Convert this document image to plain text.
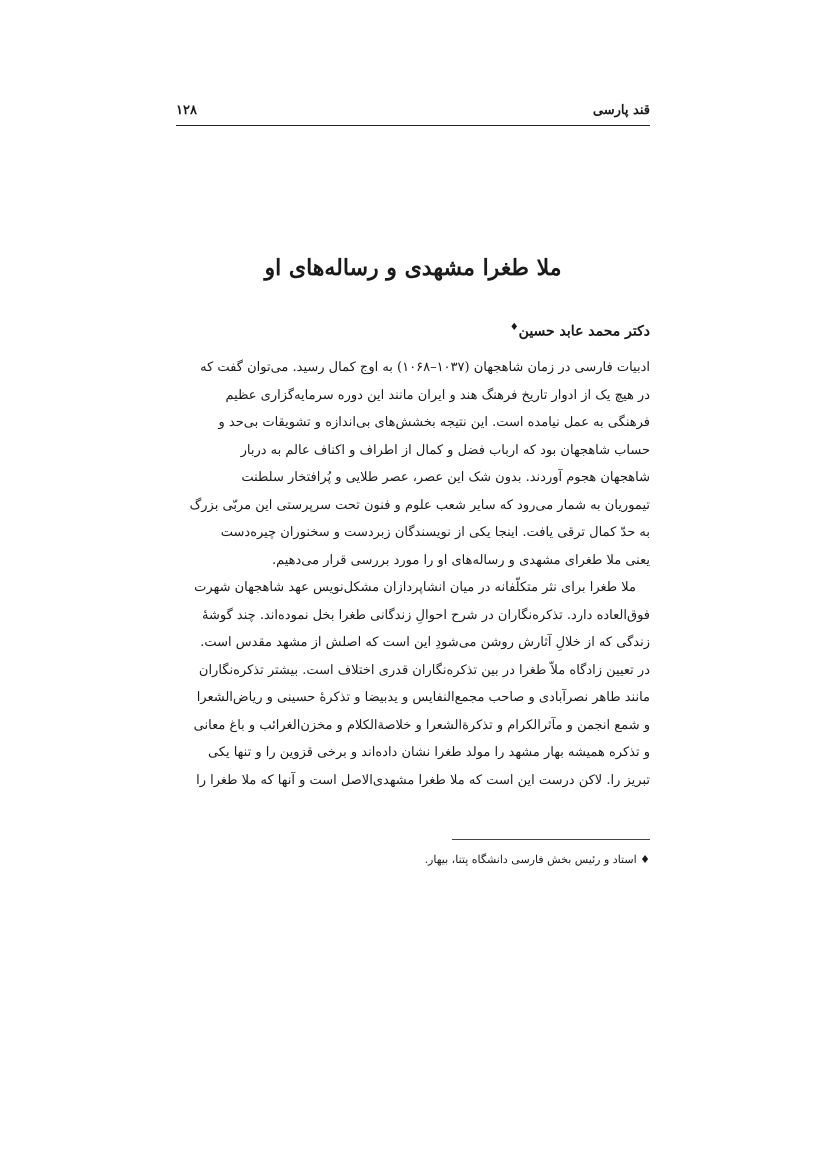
قند پارسی
۱۲۸
ملا طغرا مشهدی و رساله‌های او
دکتر محمد عابد حسین♦
ادبیات فارسی در زمان شاهجهان (۱۰۳۷–۱۰۶۸) به اوج کمال رسید. می‌توان گفت که
در هیچ یک از ادوار تاریخ فرهنگ هند و ایران مانند این دوره سرمایه‌گزاری عظیم
فرهنگی به عمل نیامده است. این نتیجه بخشش‌های بی‌اندازه و تشویقات بی‌حد و
حساب شاهجهان بود که ارباب فضل و کمال از اطراف و اکناف عالم به دربار
شاهجهان هجوم آوردند. بدون شک این عصر، عصر طلایی و پُرافتخار سلطنت
تیموریان به شمار می‌رود که سایر شعب علوم و فنون تحت سرپرستی این مربّی بزرگ
به حدّ کمال ترقی یافت. اینجا یکی از نویسندگان زبردست و سخنوران چیره‌دست
یعنی ملا طغرای مشهدی و رساله‌های او را مورد بررسی قرار می‌دهیم.
ملا طغرا برای نثر متکلّفانه در میان انشاپردازان مشکل‌نویس عهد شاهجهان شهرت
فوق‌العاده دارد. تذکره‌نگاران در شرح احوالِ زندگانی طغرا بخل نموده‌اند. چند گوشهٔ
زندگی که از خلالِ آثارش روشن می‌شودِ این است که اصلش از مشهد مقدس است.
در تعیین زادگاه ملاّ طغرا در بین تذکره‌نگاران قدری اختلاف است. بیشتر تذکره‌نگاران
مانند طاهر نصرآبادی و صاحب مجمع‌النفایس و یدبیضا و تذکرهٔ حسینی و ریاض‌الشعرا
و شمع انجمن و مآثرالکرام و تذکرةالشعرا و خلاصةالکلام و مخزن‌الغرائب و باغ معانی
و تذکره همیشه بهار مشهد را مولد طغرا نشان داده‌اند و برخی قزوین را و تنها یکی
تبریز را. لاکن درست این است که ملا طغرا مشهدی‌الاصل است و آنها که ملا طغرا را
♦ استاد و رئیس بخش فارسی دانشگاه پتنا، بیهار.
